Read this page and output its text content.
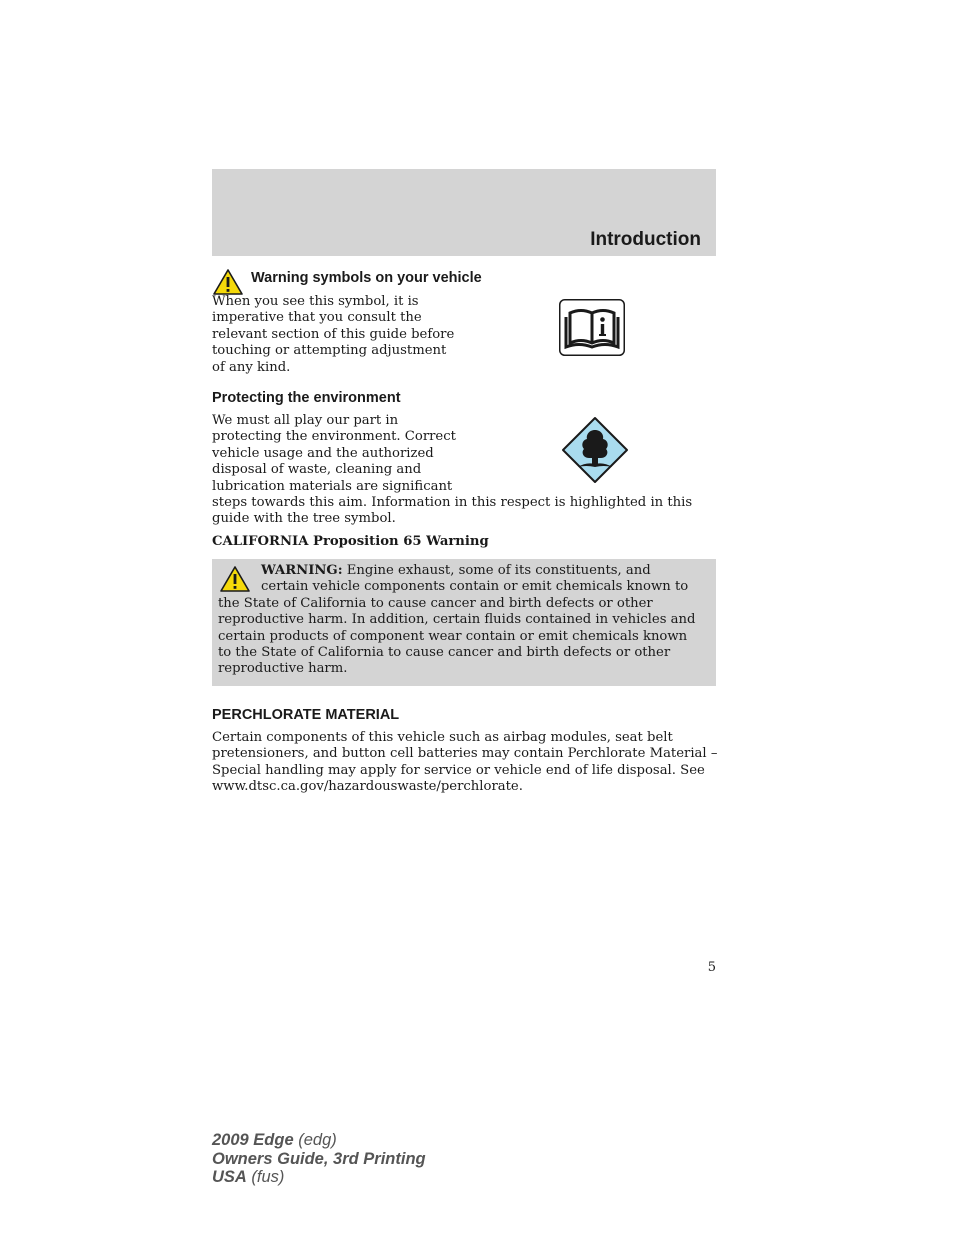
Introduction
Warning symbols on your vehicle
When you see this symbol, it is
imperative that you consult the
relevant section of this guide before
touching or attempting adjustment
of any kind.
Protecting the environment
We must all play our part in
protecting the environment. Correct
vehicle usage and the authorized
disposal of waste, cleaning and
lubrication materials are significant
steps towards this aim. Information in this respect is highlighted in this
guide with the tree symbol.
CALIFORNIA Proposition 65 Warning
WARNING: Engine exhaust, some of its constituents, and
certain vehicle components contain or emit chemicals known to
the State of California to cause cancer and birth defects or other
reproductive harm. In addition, certain fluids contained in vehicles and
certain products of component wear contain or emit chemicals known
to the State of California to cause cancer and birth defects or other
reproductive harm.
PERCHLORATE MATERIAL
Certain components of this vehicle such as airbag modules, seat belt
pretensioners, and button cell batteries may contain Perchlorate Material –
Special handling may apply for service or vehicle end of life disposal. See
www.dtsc.ca.gov/hazardouswaste/perchlorate.
5
2009 Edge (edg)
Owners Guide, 3rd Printing
USA (fus)
